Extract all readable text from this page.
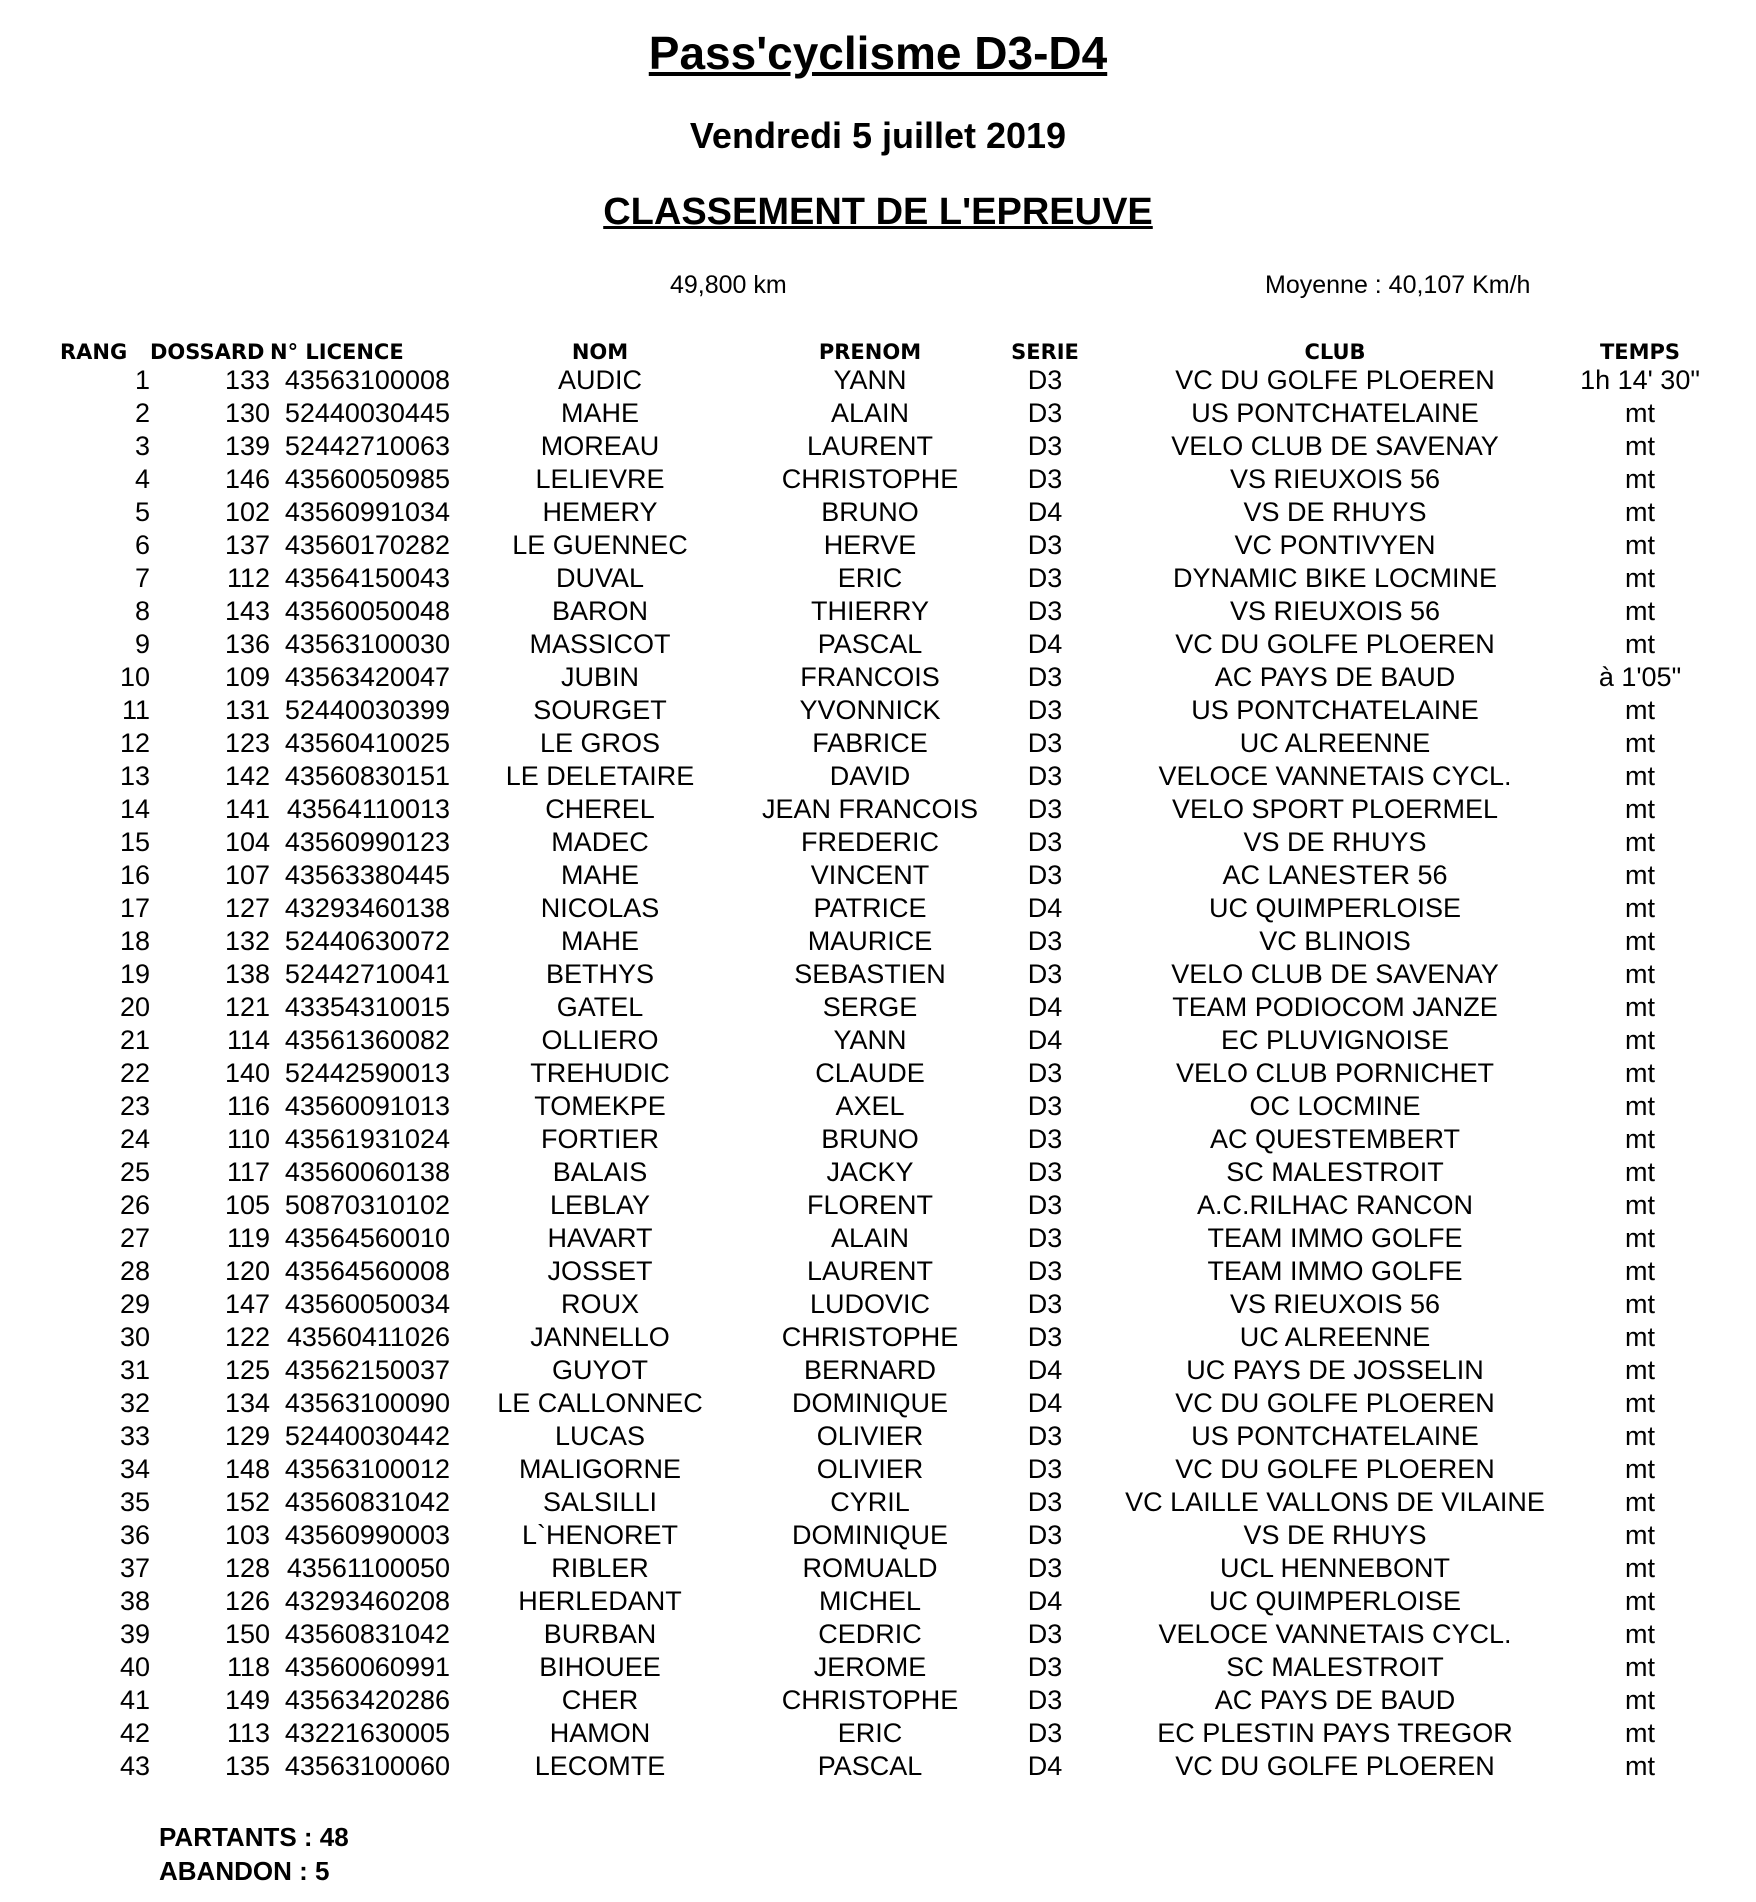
Pass'cyclisme D3-D4
Vendredi 5 juillet 2019
CLASSEMENT DE L'EPREUVE
49,800 km	Moyenne : 40,107 Km/h
RANG	DOSSARD	N° LICENCE	NOM	PRENOM	SERIE	CLUB	TEMPS
1	133	43563100008	AUDIC	YANN	D3	VC DU GOLFE PLOEREN	1h 14' 30"
2	130	52440030445	MAHE	ALAIN	D3	US PONTCHATELAINE	mt
3	139	52442710063	MOREAU	LAURENT	D3	VELO CLUB DE SAVENAY	mt
4	146	43560050985	LELIEVRE	CHRISTOPHE	D3	VS RIEUXOIS 56	mt
5	102	43560991034	HEMERY	BRUNO	D4	VS DE RHUYS	mt
6	137	43560170282	LE GUENNEC	HERVE	D3	VC PONTIVYEN	mt
7	112	43564150043	DUVAL	ERIC	D3	DYNAMIC BIKE LOCMINE	mt
8	143	43560050048	BARON	THIERRY	D3	VS RIEUXOIS 56	mt
9	136	43563100030	MASSICOT	PASCAL	D4	VC DU GOLFE PLOEREN	mt
10	109	43563420047	JUBIN	FRANCOIS	D3	AC PAYS DE BAUD	à 1'05"
11	131	52440030399	SOURGET	YVONNICK	D3	US PONTCHATELAINE	mt
12	123	43560410025	LE GROS	FABRICE	D3	UC ALREENNE	mt
13	142	43560830151	LE DELETAIRE	DAVID	D3	VELOCE VANNETAIS CYCL.	mt
14	141	43564110013	CHEREL	JEAN FRANCOIS	D3	VELO SPORT PLOERMEL	mt
15	104	43560990123	MADEC	FREDERIC	D3	VS DE RHUYS	mt
16	107	43563380445	MAHE	VINCENT	D3	AC LANESTER 56	mt
17	127	43293460138	NICOLAS	PATRICE	D4	UC QUIMPERLOISE	mt
18	132	52440630072	MAHE	MAURICE	D3	VC BLINOIS	mt
19	138	52442710041	BETHYS	SEBASTIEN	D3	VELO CLUB DE SAVENAY	mt
20	121	43354310015	GATEL	SERGE	D4	TEAM PODIOCOM JANZE	mt
21	114	43561360082	OLLIERO	YANN	D4	EC PLUVIGNOISE	mt
22	140	52442590013	TREHUDIC	CLAUDE	D3	VELO CLUB PORNICHET	mt
23	116	43560091013	TOMEKPE	AXEL	D3	OC LOCMINE	mt
24	110	43561931024	FORTIER	BRUNO	D3	AC QUESTEMBERT	mt
25	117	43560060138	BALAIS	JACKY	D3	SC MALESTROIT	mt
26	105	50870310102	LEBLAY	FLORENT	D3	A.C.RILHAC RANCON	mt
27	119	43564560010	HAVART	ALAIN	D3	TEAM IMMO GOLFE	mt
28	120	43564560008	JOSSET	LAURENT	D3	TEAM IMMO GOLFE	mt
29	147	43560050034	ROUX	LUDOVIC	D3	VS RIEUXOIS 56	mt
30	122	43560411026	JANNELLO	CHRISTOPHE	D3	UC ALREENNE	mt
31	125	43562150037	GUYOT	BERNARD	D4	UC PAYS DE JOSSELIN	mt
32	134	43563100090	LE CALLONNEC	DOMINIQUE	D4	VC DU GOLFE PLOEREN	mt
33	129	52440030442	LUCAS	OLIVIER	D3	US PONTCHATELAINE	mt
34	148	43563100012	MALIGORNE	OLIVIER	D3	VC DU GOLFE PLOEREN	mt
35	152	43560831042	SALSILLI	CYRIL	D3	VC LAILLE VALLONS DE VILAINE	mt
36	103	43560990003	L`HENORET	DOMINIQUE	D3	VS DE RHUYS	mt
37	128	43561100050	RIBLER	ROMUALD	D3	UCL HENNEBONT	mt
38	126	43293460208	HERLEDANT	MICHEL	D4	UC QUIMPERLOISE	mt
39	150	43560831042	BURBAN	CEDRIC	D3	VELOCE VANNETAIS CYCL.	mt
40	118	43560060991	BIHOUEE	JEROME	D3	SC MALESTROIT	mt
41	149	43563420286	CHER	CHRISTOPHE	D3	AC PAYS DE BAUD	mt
42	113	43221630005	HAMON	ERIC	D3	EC PLESTIN PAYS TREGOR	mt
43	135	43563100060	LECOMTE	PASCAL	D4	VC DU GOLFE PLOEREN	mt
PARTANTS : 48
ABANDON : 5
